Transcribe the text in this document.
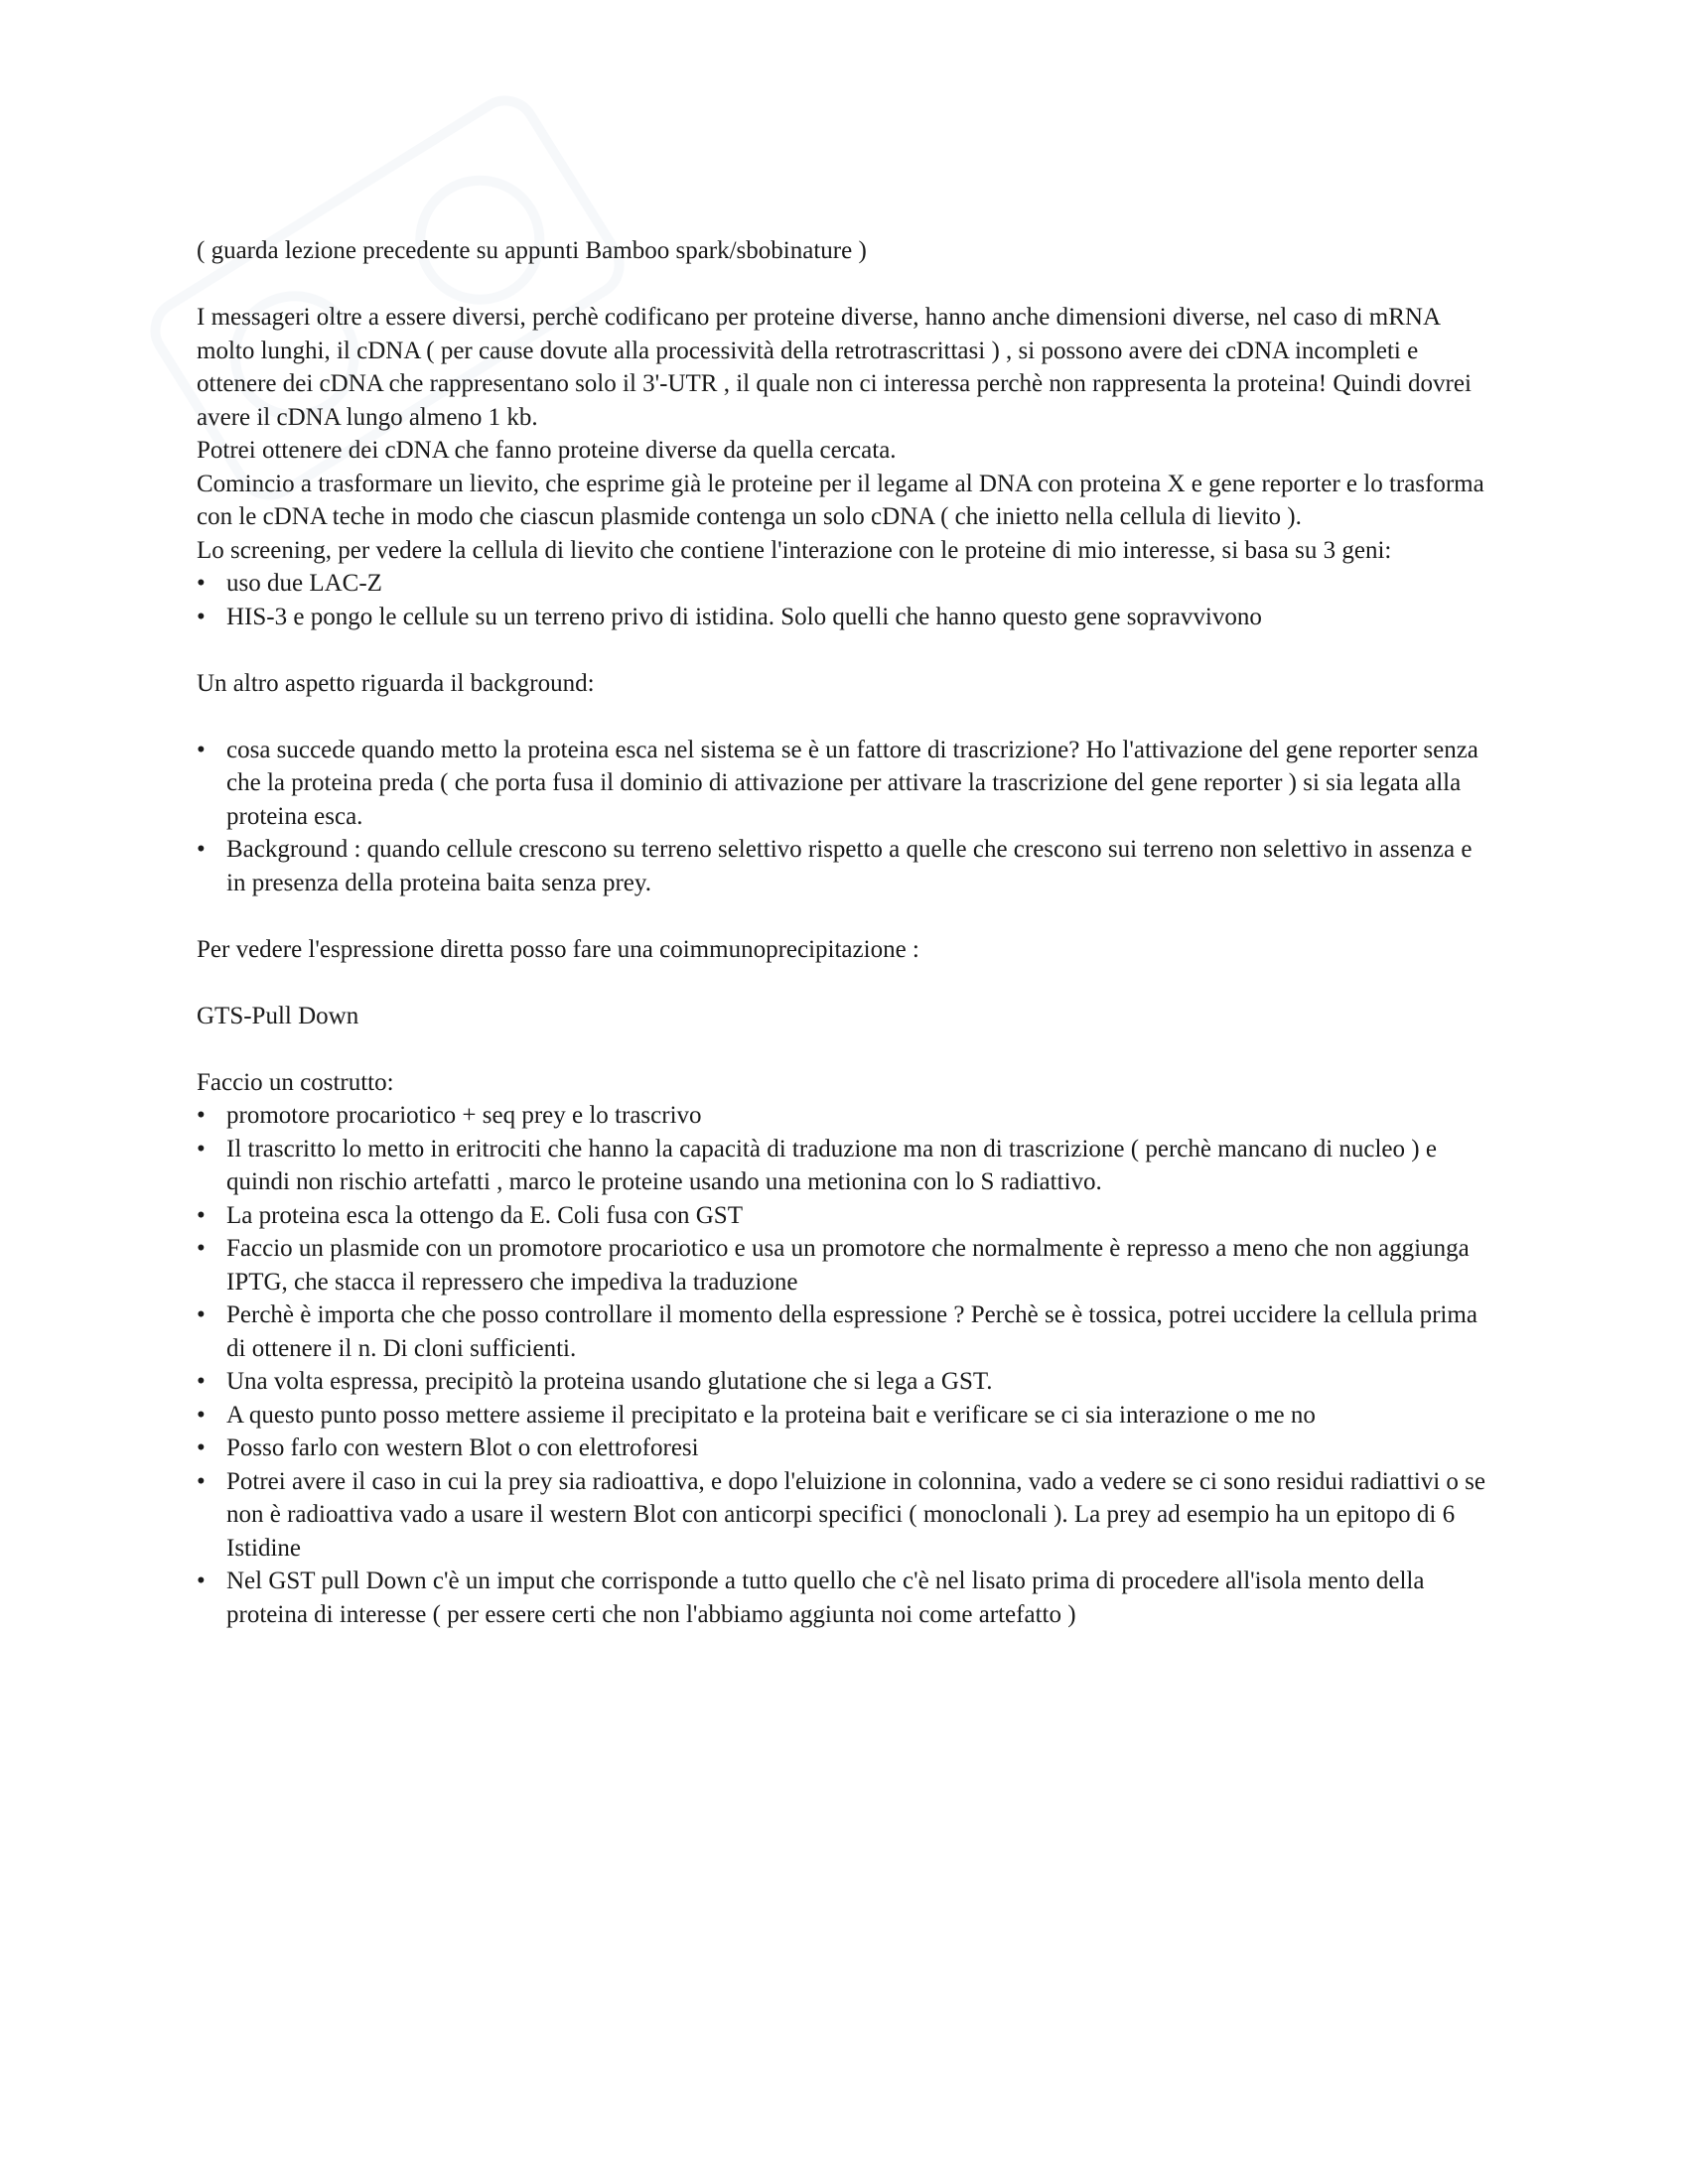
( guarda lezione precedente su appunti Bamboo spark/sbobinature )

I messageri oltre a essere diversi, perchè codificano per proteine diverse, hanno anche dimensioni diverse, nel caso di mRNA molto lunghi, il cDNA ( per cause dovute alla processività della retrotrascrittasi ) , si possono avere dei cDNA incompleti e ottenere dei cDNA che rappresentano solo il 3'-UTR , il quale non ci interessa perchè non rappresenta la proteina! Quindi dovrei avere il cDNA lungo almeno 1 kb.

Potrei ottenere dei cDNA che fanno proteine diverse da quella cercata.

Comincio a trasformare un lievito, che esprime già le proteine per il legame al DNA con proteina X e gene reporter e lo trasforma con le cDNA teche in modo che ciascun plasmide contenga un solo cDNA ( che inietto nella cellula di lievito ).

Lo screening, per vedere la cellula di lievito che contiene l'interazione con le proteine di mio interesse, si basa su 3 geni:

• uso due LAC-Z
• HIS-3 e pongo le cellule su un terreno privo di istidina. Solo quelli che hanno questo gene sopravvivono

Un altro aspetto riguarda il background:

• cosa succede quando metto la proteina esca nel sistema se è un fattore di trascrizione? Ho l'attivazione del gene reporter senza che la proteina preda ( che porta fusa il dominio di attivazione per attivare la trascrizione del gene reporter ) si sia legata alla proteina esca.
• Background : quando cellule crescono su terreno selettivo rispetto a quelle che crescono sui terreno non selettivo in assenza e in presenza della proteina baita senza prey.

Per vedere l'espressione diretta posso fare una coimmunoprecipitazione :

GTS-Pull Down

Faccio un costrutto:

• promotore procariotico + seq prey e lo trascrivo
• Il trascritto lo metto in eritrociti che hanno la capacità di traduzione ma non di trascrizione ( perchè mancano di nucleo ) e quindi non rischio artefatti , marco le proteine usando una metionina con lo S radiattivo.
• La proteina esca la ottengo da E. Coli fusa con GST
• Faccio un plasmide con un promotore procariotico e usa un promotore che normalmente è represso a meno che non aggiunga IPTG, che stacca il repressero che impediva la traduzione
• Perchè è importa che che posso controllare il momento della espressione ? Perchè se è tossica, potrei uccidere la cellula prima di ottenere il n. Di cloni sufficienti.
• Una volta espressa, precipitò la proteina usando glutatione che si lega a GST.
• A questo punto posso mettere assieme il precipitato e la proteina bait e verificare se ci sia interazione o me no
• Posso farlo con western Blot o con elettroforesi
• Potrei avere il caso in cui la prey sia radioattiva, e dopo l'eluizione in colonnina, vado a vedere se ci sono residui radiattivi o se non è radioattiva vado a usare il western Blot con anticorpi specifici ( monoclonali ). La prey ad esempio ha un epitopo di 6 Istidine
• Nel GST pull Down c'è un imput che corrisponde a tutto quello che c'è nel lisato prima di procedere all'isola mento della proteina di interesse ( per essere certi che non l'abbiamo aggiunta noi come artefatto )
